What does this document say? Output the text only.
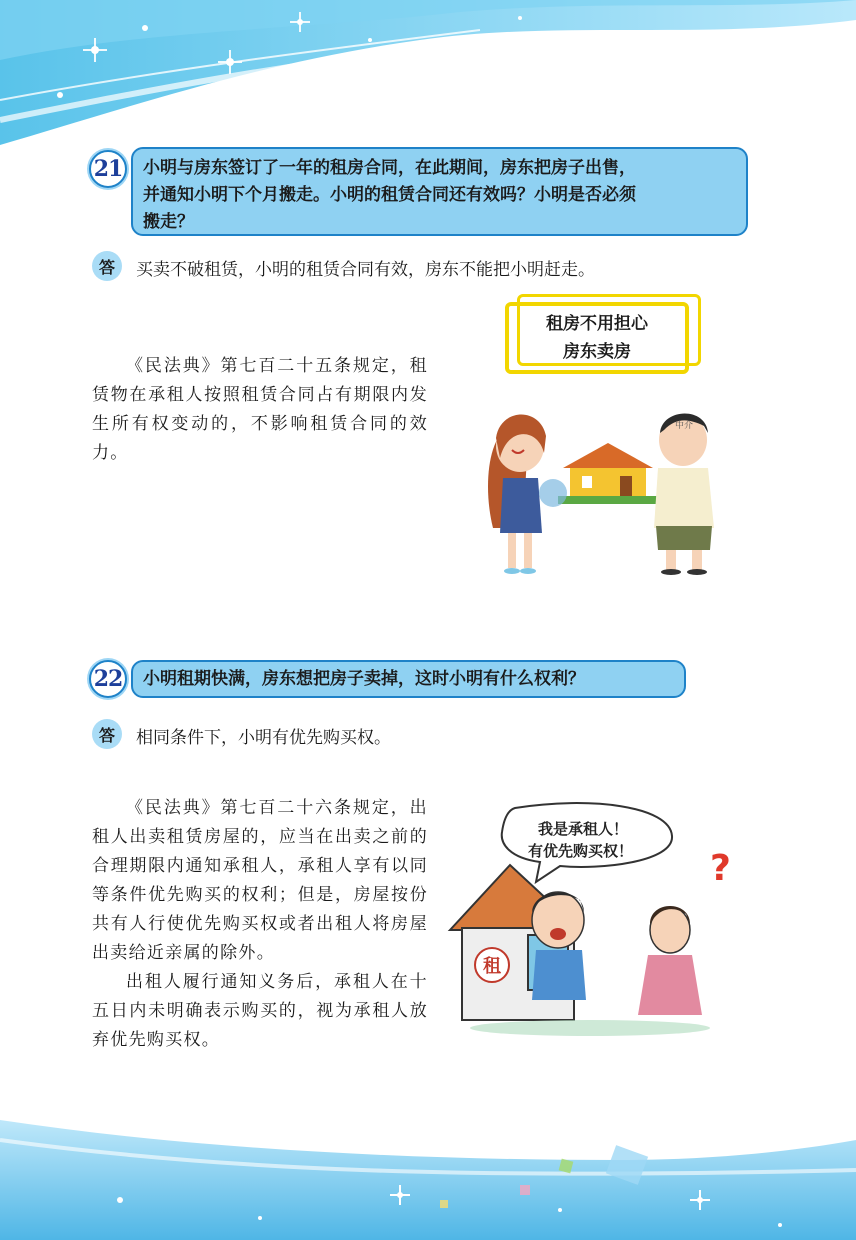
21 小明与房东签订了一年的租房合同，在此期间，房东把房子出售，
并通知小明下个月搬走。小明的租赁合同还有效吗？小明是否必须
搬走？
答	买卖不破租赁，小明的租赁合同有效，房东不能把小明赶走。

《民法典》第七百二十五条规定，租赁物在承租人按照租赁合同占有期限内发生所有权变动的，不影响租赁合同的效力。

租房不用担心
房东卖房
中介
22 小明租期快满，房东想把房子卖掉，这时小明有什么权利？
答	相同条件下，小明有优先购买权。

《民法典》第七百二十六条规定，出租人出卖租赁房屋的，应当在出卖之前的合理期限内通知承租人，承租人享有以同等条件优先购买的权利；但是，房屋按份共有人行使优先购买权或者出租人将房屋出卖给近亲属的除外。

出租人履行通知义务后，承租人在十五日内未明确表示购买的，视为承租人放弃优先购买权。

我是承租人！
有优先购买权！ ?
租
